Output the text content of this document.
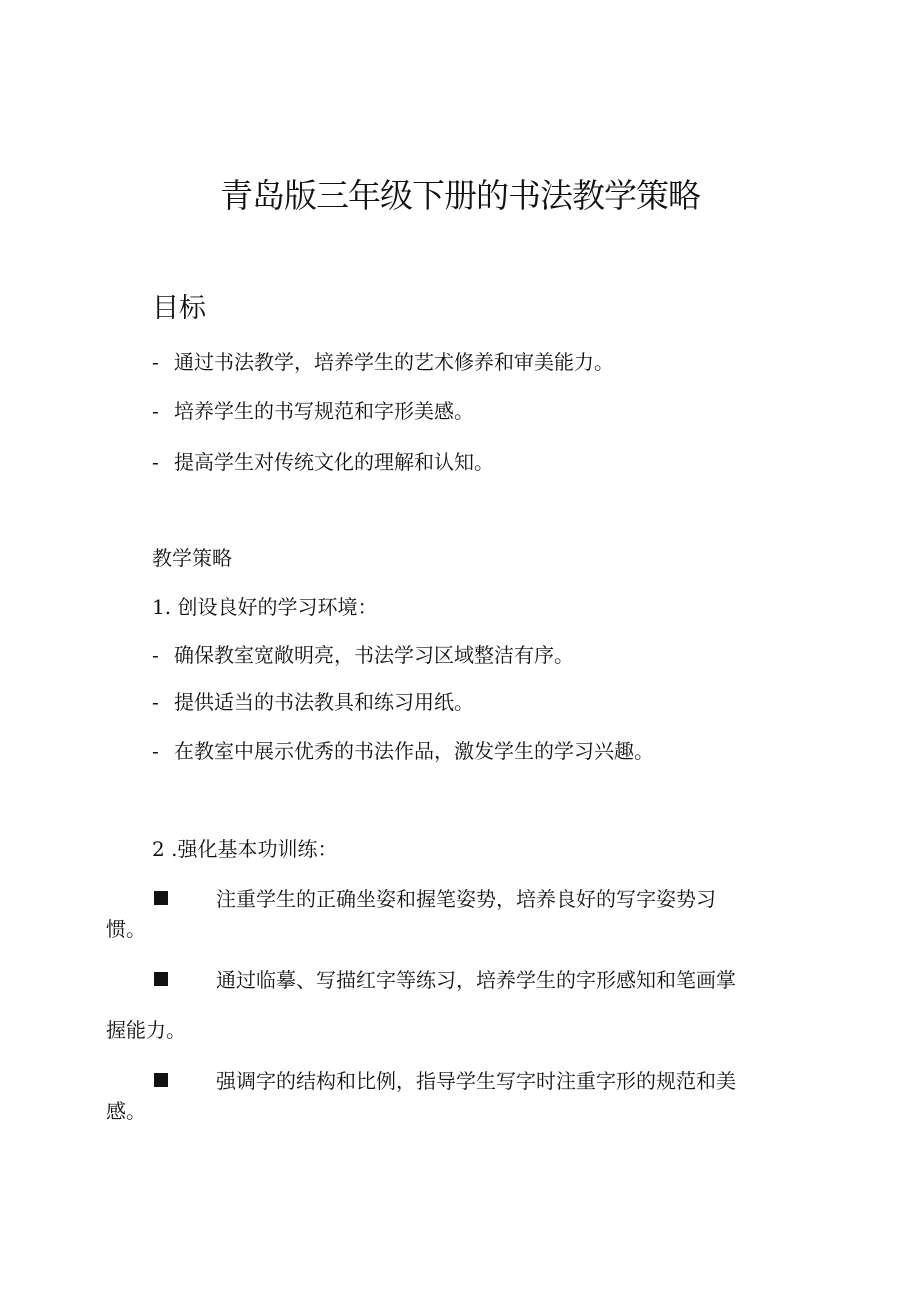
青岛版三年级下册的书法教学策略
目标
- 通过书法教学，培养学生的艺术修养和审美能力。
- 培养学生的书写规范和字形美感。
- 提高学生对传统文化的理解和认知。
教学策略
1. 创设良好的学习环境：
- 确保教室宽敞明亮，书法学习区域整洁有序。
- 提供适当的书法教具和练习用纸。
- 在教室中展示优秀的书法作品，激发学生的学习兴趣。
2 .强化基本功训练：
注重学生的正确坐姿和握笔姿势，培养良好的写字姿势习
惯。
通过临摹、写描红字等练习，培养学生的字形感知和笔画掌
握能力。
强调字的结构和比例，指导学生写字时注重字形的规范和美
感。
